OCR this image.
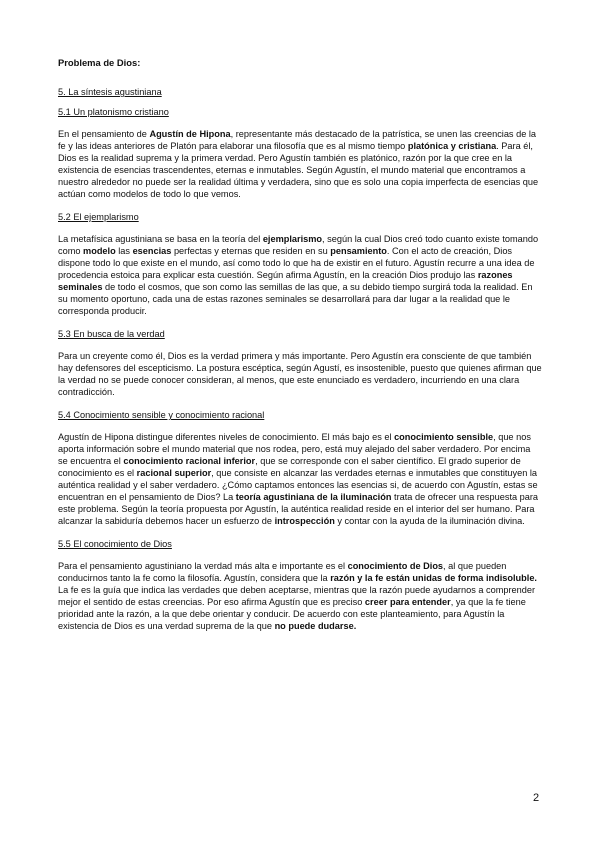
Problema de Dios:
5. La síntesis agustiniana
5.1 Un platonismo cristiano

En el pensamiento de Agustín de Hipona, representante más destacado de la patrística, se unen las creencias de la fe y las ideas anteriores de Platón para elaborar una filosofía que es al mismo tiempo platónica y cristiana. Para él, Dios es la realidad suprema y la primera verdad. Pero Agustín también es platónico, razón por la que cree en la existencia de esencias trascendentes, eternas e inmutables. Según Agustín, el mundo material que encontramos a nuestro alrededor no puede ser la realidad última y verdadera, sino que es solo una copia imperfecta de esencias que actúan como modelos de todo lo que vemos.

5.2 El ejemplarismo

La metafísica agustiniana se basa en la teoría del ejemplarismo, según la cual Dios creó todo cuanto existe tomando como modelo las esencias perfectas y eternas que residen en su pensamiento. Con el acto de creación, Dios dispone todo lo que existe en el mundo, así como todo lo que ha de existir en el futuro. Agustín recurre a una idea de procedencia estoica para explicar esta cuestión. Según afirma Agustín, en la creación Dios produjo las razones seminales de todo el cosmos, que son como las semillas de las que, a su debido tiempo surgirá toda la realidad. En su momento oportuno, cada una de estas razones seminales se desarrollará para dar lugar a la realidad que le corresponda producir.

5.3 En busca de la verdad

Para un creyente como él, Dios es la verdad primera y más importante. Pero Agustín era consciente de que también hay defensores del escepticismo. La postura escéptica, según Agustí, es insostenible, puesto que quienes afirman que la verdad no se puede conocer consideran, al menos, que este enunciado es verdadero, incurriendo en una clara contradicción.

5.4 Conocimiento sensible y conocimiento racional

Agustín de Hipona distingue diferentes niveles de conocimiento. El más bajo es el conocimiento sensible, que nos aporta información sobre el mundo material que nos rodea, pero, está muy alejado del saber verdadero. Por encima se encuentra el conocimiento racional inferior, que se corresponde con el saber científico. El grado superior de conocimiento es el racional superior, que consiste en alcanzar las verdades eternas e inmutables que constituyen la auténtica realidad y el saber verdadero. ¿Cómo captamos entonces las esencias si, de acuerdo con Agustín, estas se encuentran en el pensamiento de Dios? La teoría agustiniana de la iluminación trata de ofrecer una respuesta para este problema. Según la teoría propuesta por Agustín, la auténtica realidad reside en el interior del ser humano. Para alcanzar la sabiduría debemos hacer un esfuerzo de introspección y contar con la ayuda de la iluminación divina.

5.5 El conocimiento de Dios

Para el pensamiento agustiniano la verdad más alta e importante es el conocimiento de Dios, al que pueden conducirnos tanto la fe como la filosofía. Agustín, considera que la razón y la fe están unidas de forma indisoluble. La fe es la guía que indica las verdades que deben aceptarse, mientras que la razón puede ayudarnos a comprender mejor el sentido de estas creencias. Por eso afirma Agustín que es preciso creer para entender, ya que la fe tiene prioridad ante la razón, a la que debe orientar y conducir. De acuerdo con este planteamiento, para Agustín la existencia de Dios es una verdad suprema de la que no puede dudarse.

2
